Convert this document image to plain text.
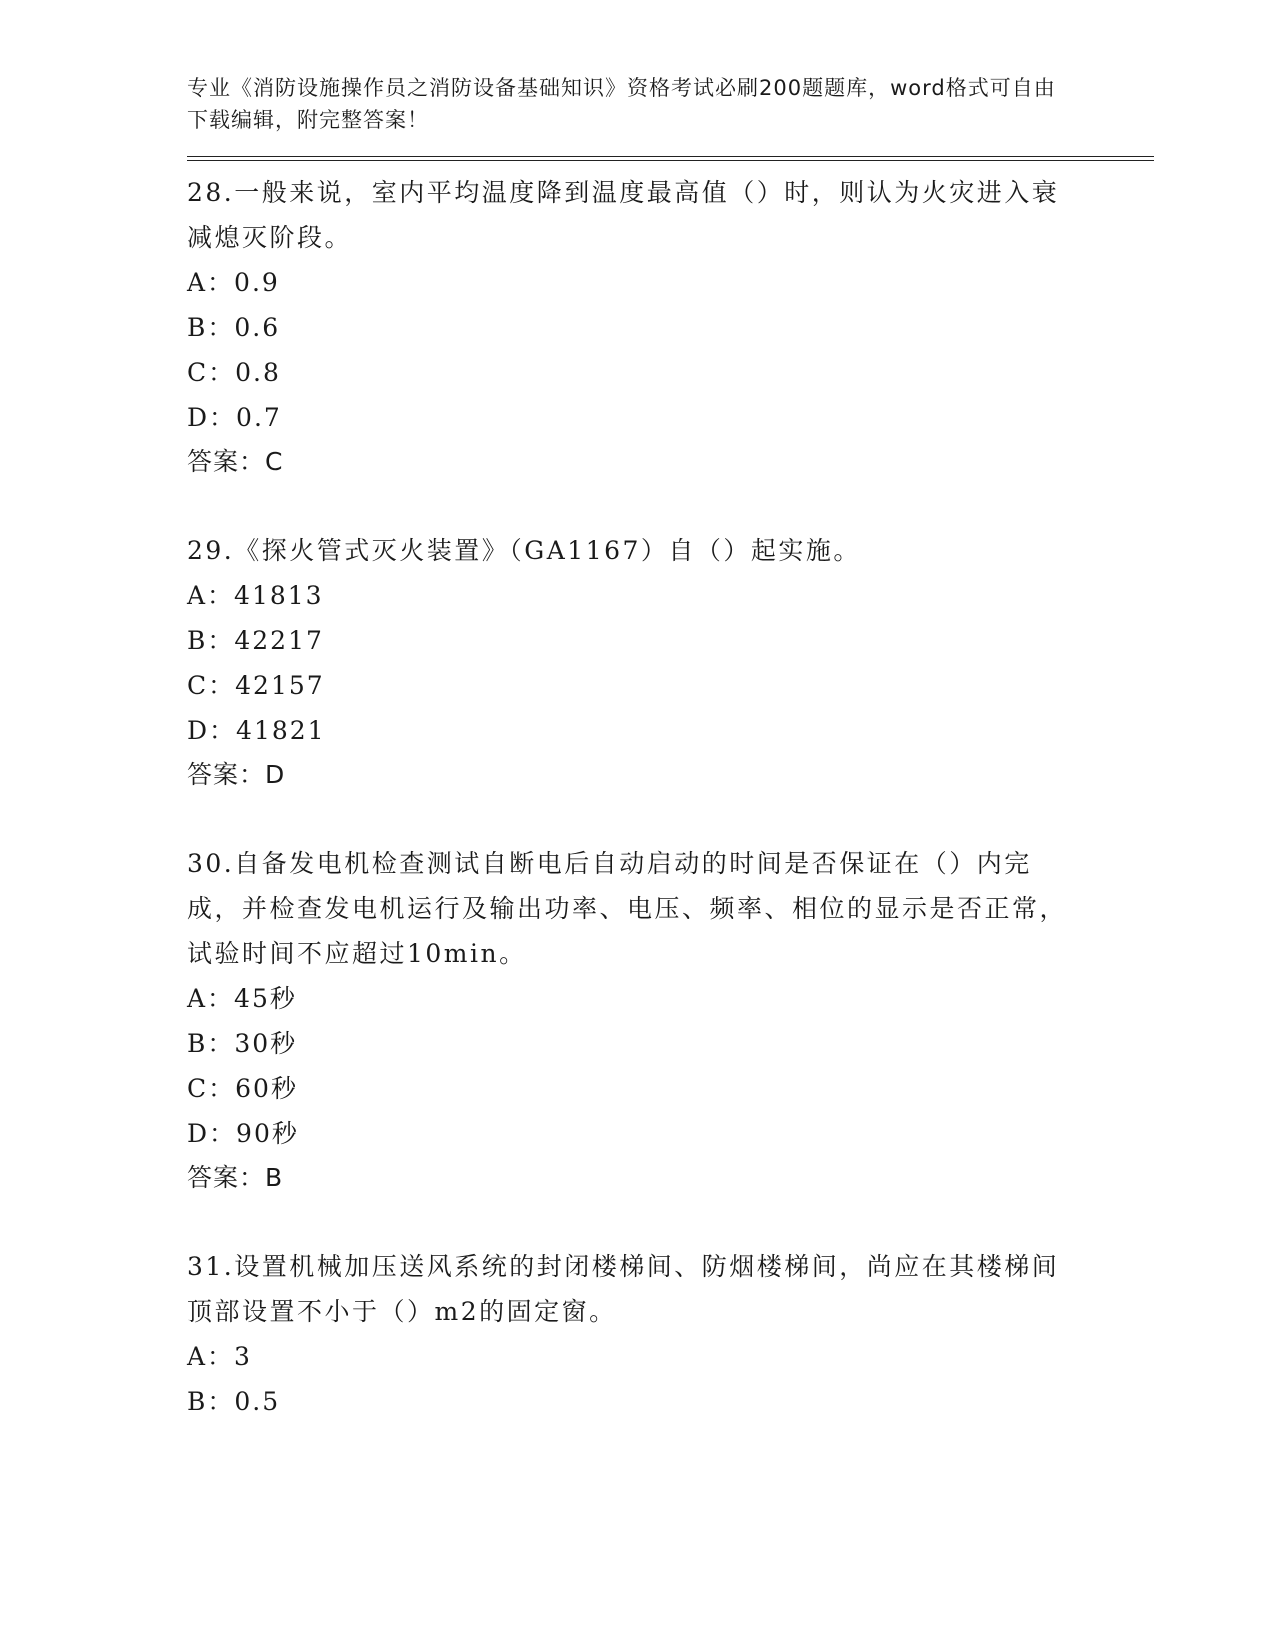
专业《消防设施操作员之消防设备基础知识》资格考试必刷200题题库，word格式可自由下载编辑，附完整答案！

28.一般来说，室内平均温度降到温度最高值（）时，则认为火灾进入衰减熄灭阶段。

A：0.9

B：0.6

C：0.8

D：0.7

答案：C

29.《探火管式灭火装置》（GA1167）自（）起实施。

A：41813

B：42217

C：42157

D：41821

答案：D

30.自备发电机检查测试自断电后自动启动的时间是否保证在（）内完成，并检查发电机运行及输出功率、电压、频率、相位的显示是否正常，试验时间不应超过10min。

A：45秒

B：30秒

C：60秒

D：90秒

答案：B

31.设置机械加压送风系统的封闭楼梯间、防烟楼梯间，尚应在其楼梯间顶部设置不小于（）m2的固定窗。

A：3

B：0.5
